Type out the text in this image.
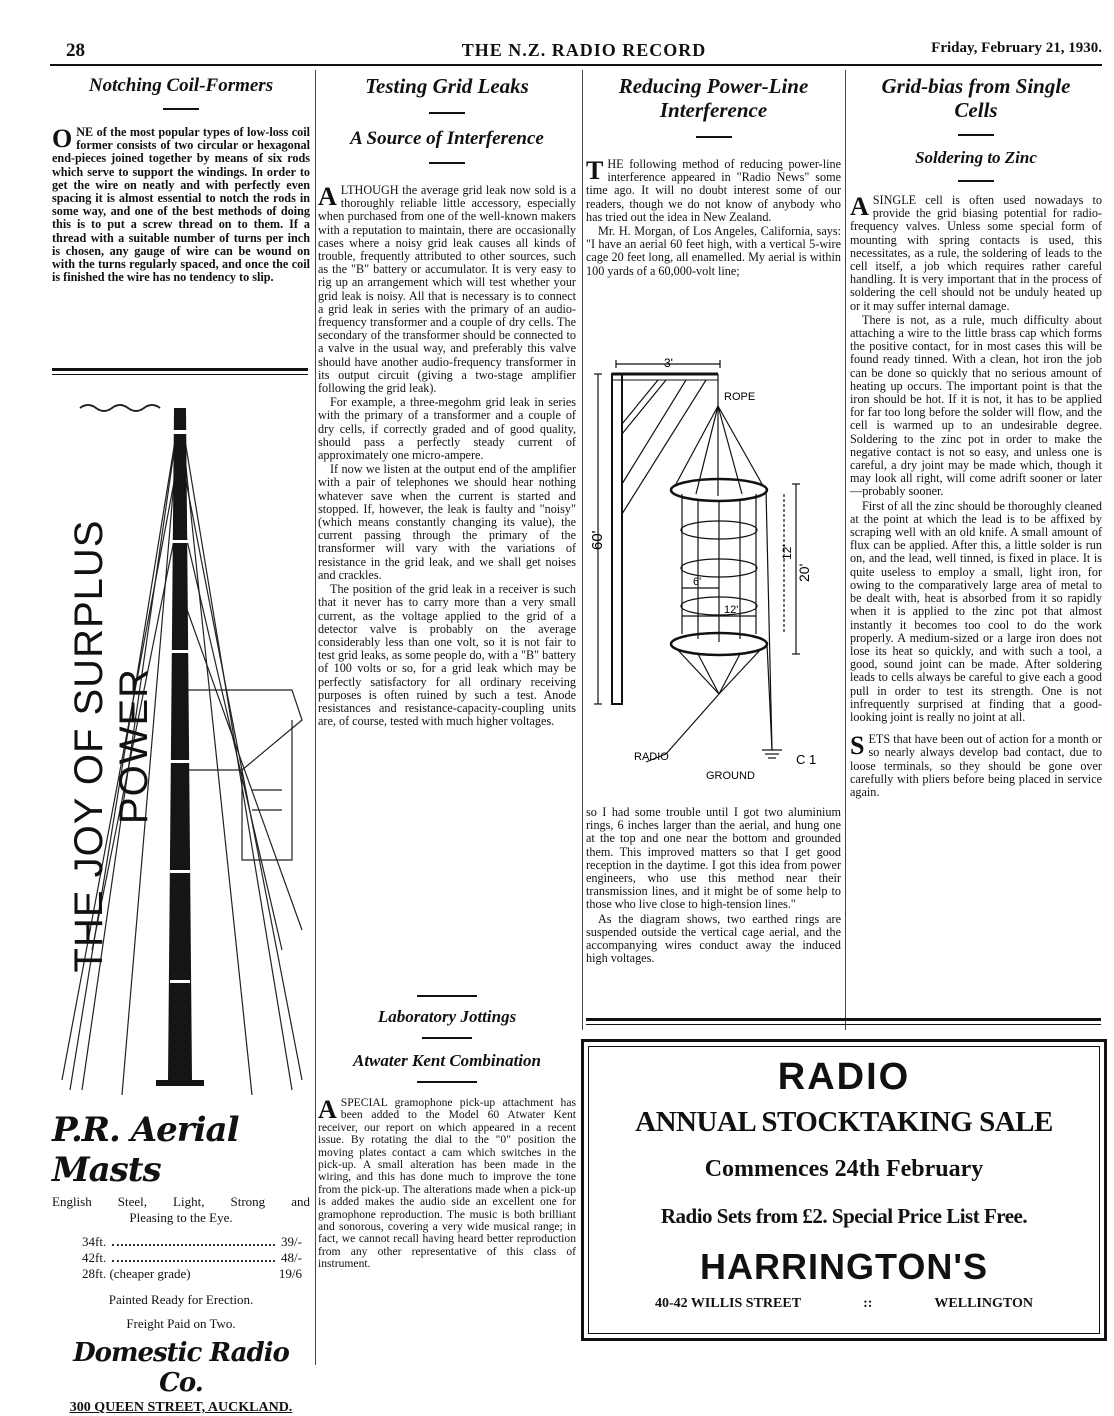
28	THE N.Z. RADIO RECORD	Friday, February 21, 1930.
Notching Coil-Formers
ONE of the most popular types of low-loss coil former consists of two circular or hexagonal end-pieces joined together by means of six rods which serve to support the windings. In order to get the wire on neatly and with perfectly even spacing it is almost essential to notch the rods in some way, and one of the best methods of doing this is to put a screw thread on to them. If a thread with a suitable number of turns per inch is chosen, any gauge of wire can be wound on with the turns regularly spaced, and once the coil is finished the wire has no tendency to slip.
THE JOY OF SURPLUS POWER
P.R. Aerial Masts
English Steel, Light, Strong and
Pleasing to the Eye.
34ft.	39/-
42ft.	48/-
28ft. (cheaper grade)	19/6
Painted Ready for Erection.
Freight Paid on Two.
Domestic Radio Co.
300 QUEEN STREET, AUCKLAND.
Testing Grid Leaks
A Source of Interference

ALTHOUGH the average grid leak now sold is a thoroughly reliable little accessory, especially when purchased from one of the well-known makers with a reputation to maintain, there are occasionally cases where a noisy grid leak causes all kinds of trouble, frequently attributed to other sources, such as the "B" battery or accumulator. It is very easy to rig up an arrangement which will test whether your grid leak is noisy. All that is necessary is to connect a grid leak in series with the primary of an audio-frequency transformer and a couple of dry cells. The secondary of the transformer should be connected to a valve in the usual way, and preferably this valve should have another audio-frequency transformer in its output circuit (giving a two-stage amplifier following the grid leak).

For example, a three-megohm grid leak in series with the primary of a transformer and a couple of dry cells, if correctly graded and of good quality, should pass a perfectly steady current of approximately one micro-ampere.

If now we listen at the output end of the amplifier with a pair of telephones we should hear nothing whatever save when the current is started and stopped. If, however, the leak is faulty and "noisy" (which means constantly changing its value), the current passing through the primary of the transformer will vary with the variations of resistance in the grid leak, and we shall get noises and crackles.

The position of the grid leak in a receiver is such that it never has to carry more than a very small current, as the voltage applied to the grid of a detector valve is probably on the average considerably less than one volt, so it is not fair to test grid leaks, as some people do, with a "B" battery of 100 volts or so, for a grid leak which may be perfectly satisfactory for all ordinary receiving purposes is often ruined by such a test. Anode resistances and resistance-capacity-coupling units are, of course, tested with much higher voltages.

Laboratory Jottings
Atwater Kent Combination
ASPECIAL gramophone pick-up attachment has been added to the Model 60 Atwater Kent receiver, our report on which appeared in a recent issue. By rotating the dial to the "0" position the moving plates contact a cam which switches in the pick-up. A small alteration has been made in the wiring, and this has done much to improve the tone from the pick-up. The alterations made when a pick-up is added makes the audio side an excellent one for gramophone reproduction. The music is both brilliant and sonorous, covering a very wide musical range; in fact, we cannot recall having heard better reproduction from any other representative of this class of instrument.
Reducing Power-Line
Interference

THE following method of reducing power-line interference appeared in "Radio News" some time ago. It will no doubt interest some of our readers, though we do not know of anybody who has tried out the idea in New Zealand.

Mr. H. Morgan, of Los Angeles, California, says: "I have an aerial 60 feet high, with a vertical 5-wire cage 20 feet long, all enamelled. My aerial is within 100 yards of a 60,000-volt line;

3'
ROPE
60'
20'
12'
6'
12'
RADIO
GROUND
C 1

so I had some trouble until I got two aluminium rings, 6 inches larger than the aerial, and hung one at the top and one near the bottom and grounded them. This improved matters so that I get good reception in the daytime. I got this idea from power engineers, who use this method near their transmission lines, and it might be of some help to those who live close to high-tension lines."

As the diagram shows, two earthed rings are suspended outside the vertical cage aerial, and the accompanying wires conduct away the induced high voltages.

Grid-bias from Single
Cells
Soldering to Zinc

ASINGLE cell is often used nowadays to provide the grid biasing potential for radio-frequency valves. Unless some special form of mounting with spring contacts is used, this necessitates, as a rule, the soldering of leads to the cell itself, a job which requires rather careful handling. It is very important that in the process of soldering the cell should not be unduly heated up or it may suffer internal damage.

There is not, as a rule, much difficulty about attaching a wire to the little brass cap which forms the positive contact, for in most cases this will be found ready tinned. With a clean, hot iron the job can be done so quickly that no serious amount of heating up occurs. The important point is that the iron should be hot. If it is not, it has to be applied for far too long before the solder will flow, and the cell is warmed up to an undesirable degree. Soldering to the zinc pot in order to make the negative contact is not so easy, and unless one is careful, a dry joint may be made which, though it may look all right, will come adrift sooner or later—probably sooner.

First of all the zinc should be thoroughly cleaned at the point at which the lead is to be affixed by scraping well with an old knife. A small amount of flux can be applied. After this, a little solder is run on, and the lead, well tinned, is fixed in place. It is quite useless to employ a small, light iron, for owing to the comparatively large area of metal to be dealt with, heat is absorbed from it so rapidly when it is applied to the zinc pot that almost instantly it becomes too cool to do the work properly. A medium-sized or a large iron does not lose its heat so quickly, and with such a tool, a good, sound joint can be made. After soldering leads to cells always be careful to give each a good pull in order to test its strength. One is not infrequently surprised at finding that a good-looking joint is really no joint at all.

SETS that have been out of action for a month or so nearly always develop bad contact, due to loose terminals, so they should be gone over carefully with pliers before being placed in service again.

RADIO
ANNUAL STOCKTAKING SALE
Commences 24th February
Radio Sets from £2. Special Price List Free.
HARRINGTON'S
40-42 WILLIS STREET	::	WELLINGTON
